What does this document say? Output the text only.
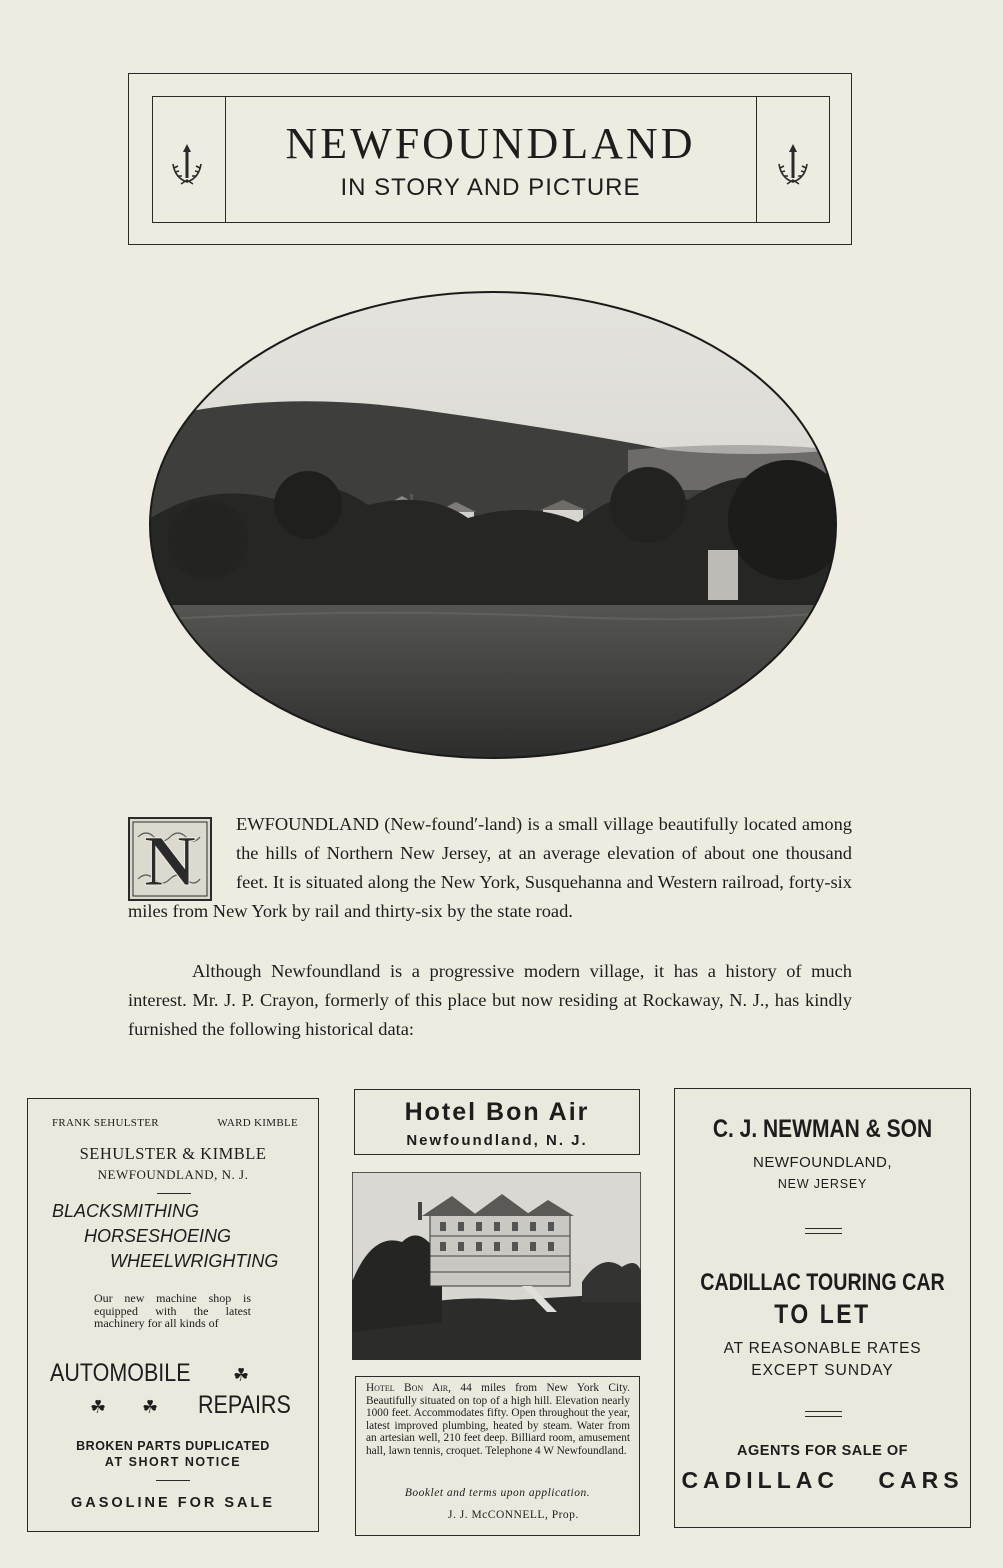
NEWFOUNDLAND
IN STORY AND PICTURE
N	EWFOUNDLAND (New-found′-land) is a small village beautifully located among the hills of Northern New Jersey, at an average elevation of about one thousand feet. It is situated along the New York, Susquehanna and Western railroad, forty-six miles from New York by rail and thirty-six by the state road.
Although Newfoundland is a progressive modern village, it has a history of much interest. Mr. J. P. Crayon, formerly of this place but now residing at Rockaway, N. J., has kindly furnished the following historical data:
FRANK SEHULSTER	WARD KIMBLE
SEHULSTER & KIMBLE
NEWFOUNDLAND, N. J.
BLACKSMITHING
HORSESHOEING
WHEELWRIGHTING
Our new machine shop is equipped with the latest machinery for all kinds of
AUTOMOBILE ☘
☘ ☘ REPAIRS
BROKEN PARTS DUPLICATED
AT SHORT NOTICE
GASOLINE FOR SALE
Hotel Bon Air
Newfoundland, N. J.
Hotel Bon Air, 44 miles from New York City. Beautifully situated on top of a high hill. Elevation nearly 1000 feet. Accommodates fifty. Open throughout the year, latest improved plumbing, heated by steam. Water from an artesian well, 210 feet deep. Billiard room, amusement hall, lawn tennis, croquet. Telephone 4 W Newfoundland.
Booklet and terms upon application.
J. J. McCONNELL, Prop.
C. J. NEWMAN & SON
NEWFOUNDLAND,
NEW JERSEY
CADILLAC TOURING CAR
TO LET
AT REASONABLE RATES
EXCEPT SUNDAY
AGENTS FOR SALE OF
CADILLAC CARS
